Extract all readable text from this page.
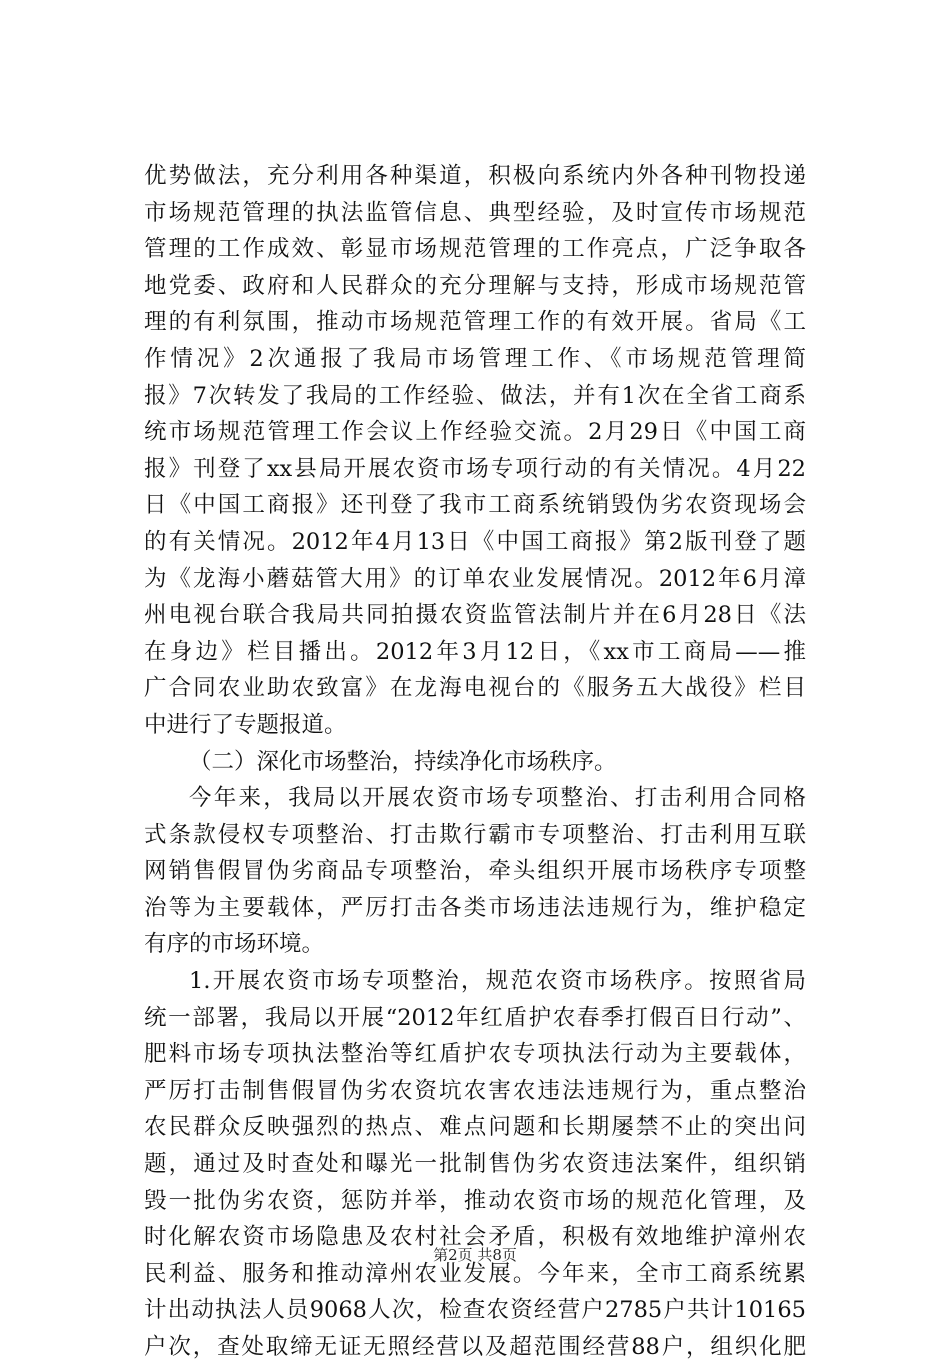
优势做法，充分利用各种渠道，积极向系统内外各种刊物投递
市场规范管理的执法监管信息、典型经验，及时宣传市场规范
管理的工作成效、彰显市场规范管理的工作亮点，广泛争取各
地党委、政府和人民群众的充分理解与支持，形成市场规范管
理的有利氛围，推动市场规范管理工作的有效开展。省局《工
作情况》2次通报了我局市场管理工作、《市场规范管理简
报》7次转发了我局的工作经验、做法，并有1次在全省工商系
统市场规范管理工作会议上作经验交流。2月29日《中国工商
报》刊登了xx县局开展农资市场专项行动的有关情况。4月22
日《中国工商报》还刊登了我市工商系统销毁伪劣农资现场会
的有关情况。2012年4月13日《中国工商报》第2版刊登了题
为《龙海小蘑菇管大用》的订单农业发展情况。2012年6月漳
州电视台联合我局共同拍摄农资监管法制片并在6月28日《法
在身边》栏目播出。2012年3月12日，《xx市工商局——推
广合同农业助农致富》在龙海电视台的《服务五大战役》栏目
中进行了专题报道。
（二）深化市场整治，持续净化市场秩序。
今年来，我局以开展农资市场专项整治、打击利用合同格
式条款侵权专项整治、打击欺行霸市专项整治、打击利用互联
网销售假冒伪劣商品专项整治，牵头组织开展市场秩序专项整
治等为主要载体，严厉打击各类市场违法违规行为，维护稳定
有序的市场环境。
1.开展农资市场专项整治，规范农资市场秩序。按照省局
统一部署，我局以开展“2012年红盾护农春季打假百日行动”、
肥料市场专项执法整治等红盾护农专项执法行动为主要载体，
严厉打击制售假冒伪劣农资坑农害农违法违规行为，重点整治
农民群众反映强烈的热点、难点问题和长期屡禁不止的突出问
题，通过及时查处和曝光一批制售伪劣农资违法案件，组织销
毁一批伪劣农资，惩防并举，推动农资市场的规范化管理，及
时化解农资市场隐患及农村社会矛盾，积极有效地维护漳州农
民利益、服务和推动漳州农业发展。今年来，全市工商系统累
计出动执法人员9068人次，检查农资经营户2785户共计10165
户次，查处取缔无证无照经营以及超范围经营88户，组织化肥
第2页 共8页
